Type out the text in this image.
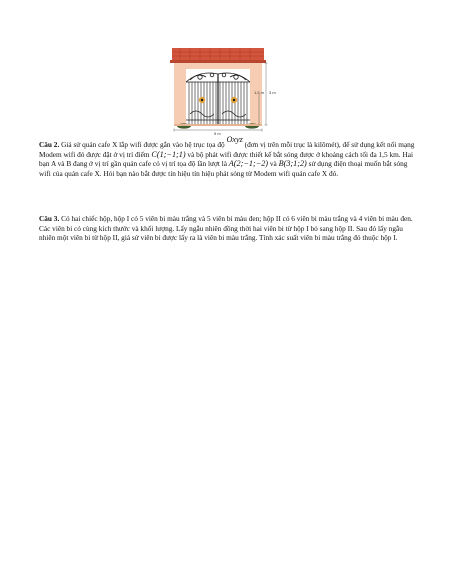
1,5 m 3 m
5 m
Câu 2. Giả sử quán cafe X lắp wifi được gắn vào hệ trục tọa độ Oxyz (đơn vị trên mỗi trục là kilômét), để sử dụng kết nối mạng Modem wifi đó được đặt ở vị trí điểm C(1;−1;1) và bộ phát wifi được thiết kế bắt sóng được ở khoảng cách tối đa 1,5 km. Hai bạn A và B đang ở vị trí gần quán cafe có vị trí tọa độ lần lượt là A(2;−1;−2) và B(3;1;2) sử dụng điện thoại muốn bắt sóng wifi của quán cafe X. Hỏi bạn nào bắt được tín hiệu tín hiệu phát sóng từ Modem wifi quán cafe X đó.
Câu 3. Có hai chiếc hộp, hộp I có 5 viên bi màu trắng và 5 viên bi màu đen; hộp II có 6 viên bi màu trắng và 4 viên bi màu đen. Các viên bi có cùng kích thước và khối lượng. Lấy ngẫu nhiên đồng thời hai viên bi từ hộp I bỏ sang hộp II. Sau đó lấy ngẫu nhiên một viên bi từ hộp II, giả sử viên bi được lấy ra là viên bi màu trắng. Tính xác suất viên bi màu trắng đó thuộc hộp I.
